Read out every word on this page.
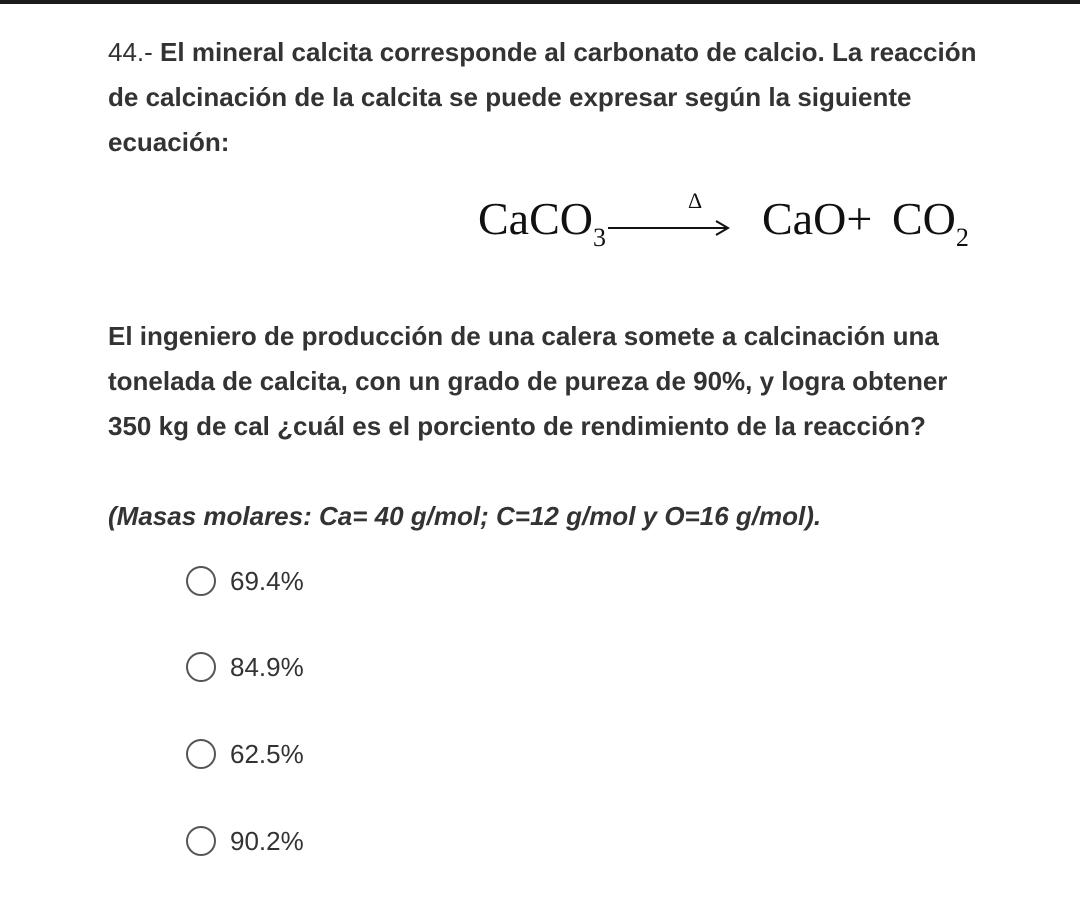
44.- El mineral calcita corresponde al carbonato de calcio. La reacción de calcinación de la calcita se puede expresar según la siguiente ecuación:
CaCO$_3$
$\Delta \to CaO+ CO_2$
El ingeniero de producción de una calera somete a calcinación una tonelada de calcita, con un grado de pureza de 90%, y logra obtener 350 kg de cal ¿cuál es el porciento de rendimiento de la reacción?
(Masas molares: Ca= 40 g/mol; C=12 g/mol y O=16 g/mol).
69.4%
84.9%
62.5%
90.2%
